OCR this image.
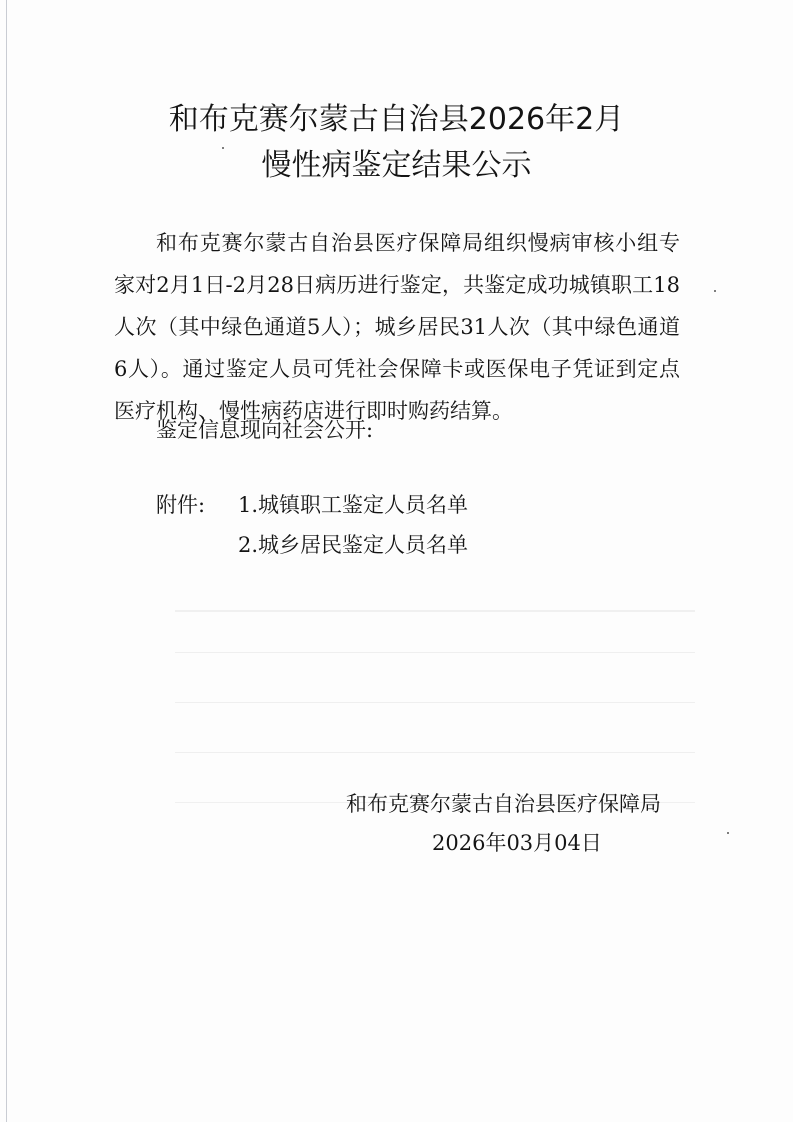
和布克赛尔蒙古自治县2026年2月
慢性病鉴定结果公示

和布克赛尔蒙古自治县医疗保障局组织慢病审核小组专家对2月1日-2月28日病历进行鉴定，共鉴定成功城镇职工18人次（其中绿色通道5人）；城乡居民31人次（其中绿色通道6人）。通过鉴定人员可凭社会保障卡或医保电子凭证到定点医疗机构、慢性病药店进行即时购药结算。

鉴定信息现向社会公开:

附件: 1.城镇职工鉴定人员名单

2.城乡居民鉴定人员名单

和布克赛尔蒙古自治县医疗保障局

2026年03月04日
